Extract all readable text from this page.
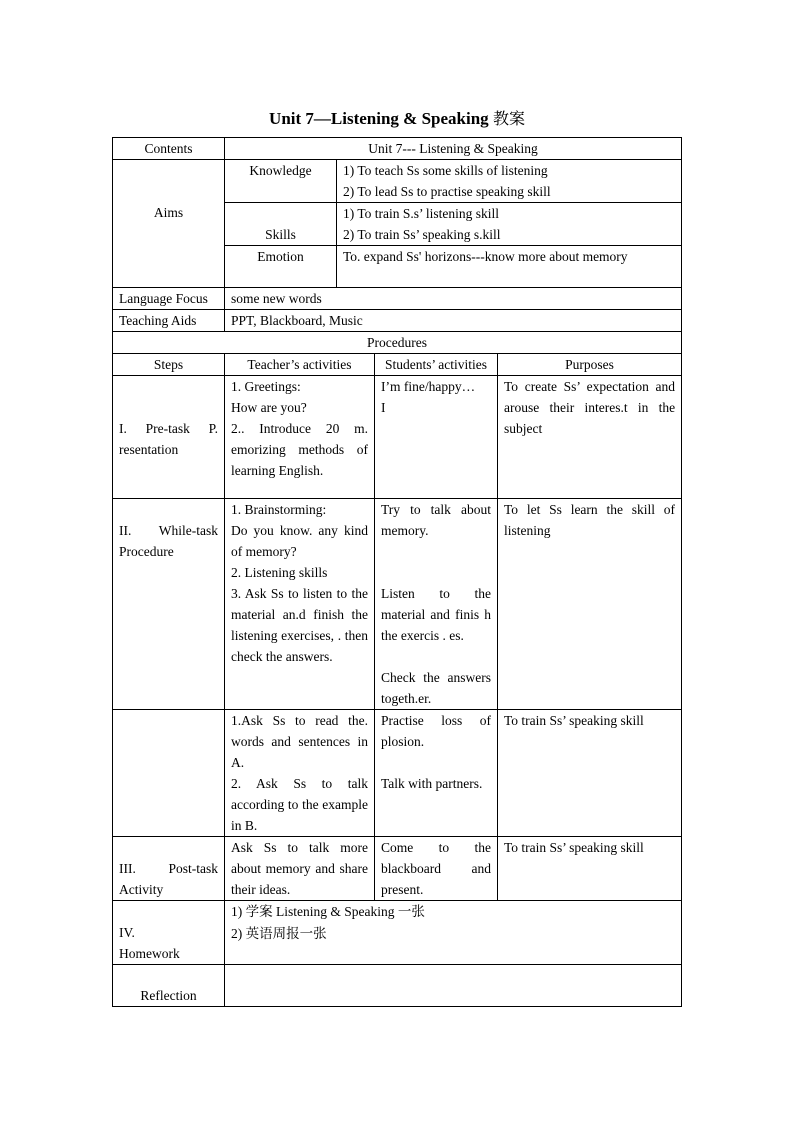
Unit 7—Listening & Speaking 教案
Contents	Unit 7--- Listening & Speaking			
Aims	Knowledge	1) To teach Ss some skills of listening
2) To lead Ss to practise speaking skill		

	Skills	1) To train S.s’ listening skill
2) To train Ss’ speaking s.kill		

	Emotion	To. expand Ss' horizons---know more about memory		
Language Focus	some new words			
Teaching Aids	PPT, Blackboard, Music			
Procedures				
Steps	Teacher’s activities		Students’ activities	Purposes
I. Pre-task P. resentation	1. Greetings:
How are you?
2.. Introduce 20 m. emorizing methods of learning English.		I’m fine/happy…
I	To create Ss’ expectation and arouse their interes.t in the subject
II. While-task Procedure	1. Brainstorming:
Do you know. any kind of memory?
2. Listening skills
3. Ask Ss to listen to the material an.d finish the listening exercises, . then check the answers.		Try to talk about memory.
Listen to the material and finis h the exercis . es.
Check the answers togeth.er.	To let Ss learn the skill of listening

	1.Ask Ss to read the. words and sentences in A.
2. Ask Ss to talk according to the example in B.		Practise loss of plosion.
Talk with partners.	To train Ss’ speaking skill
III. Post-task Activity	Ask Ss to talk more about memory and share their ideas.		Come to the blackboard and present.	To train Ss’ speaking skill

IV.
Homework	1) 学案 Listening & Speaking 一张
2) 英语周报一张			

Reflection				
